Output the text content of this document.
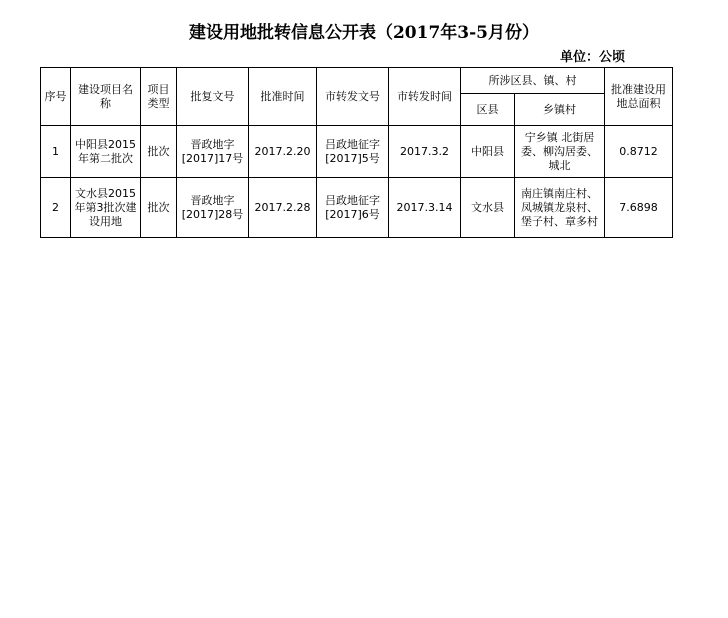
建设用地批转信息公开表（2017年3-5月份）
单位：公顷
序号	建设项目名称	项目类型	批复文号	批准时间	市转发文号	市转发时间	所涉区县、镇、村		批准建设用地总面积
							区县	乡镇村	
1	中阳县2015年第二批次	批次	晋政地字[2017]17号	2017.2.20	吕政地征字[2017]5号	2017.3.2	中阳县	宁乡镇 北街居委、柳沟居委、城北	0.8712
2	文水县2015年第3批次建设用地	批次	晋政地字[2017]28号	2017.2.28	吕政地征字[2017]6号	2017.3.14	文水县	南庄镇南庄村、凤城镇龙泉村、堡子村、章多村	7.6898
